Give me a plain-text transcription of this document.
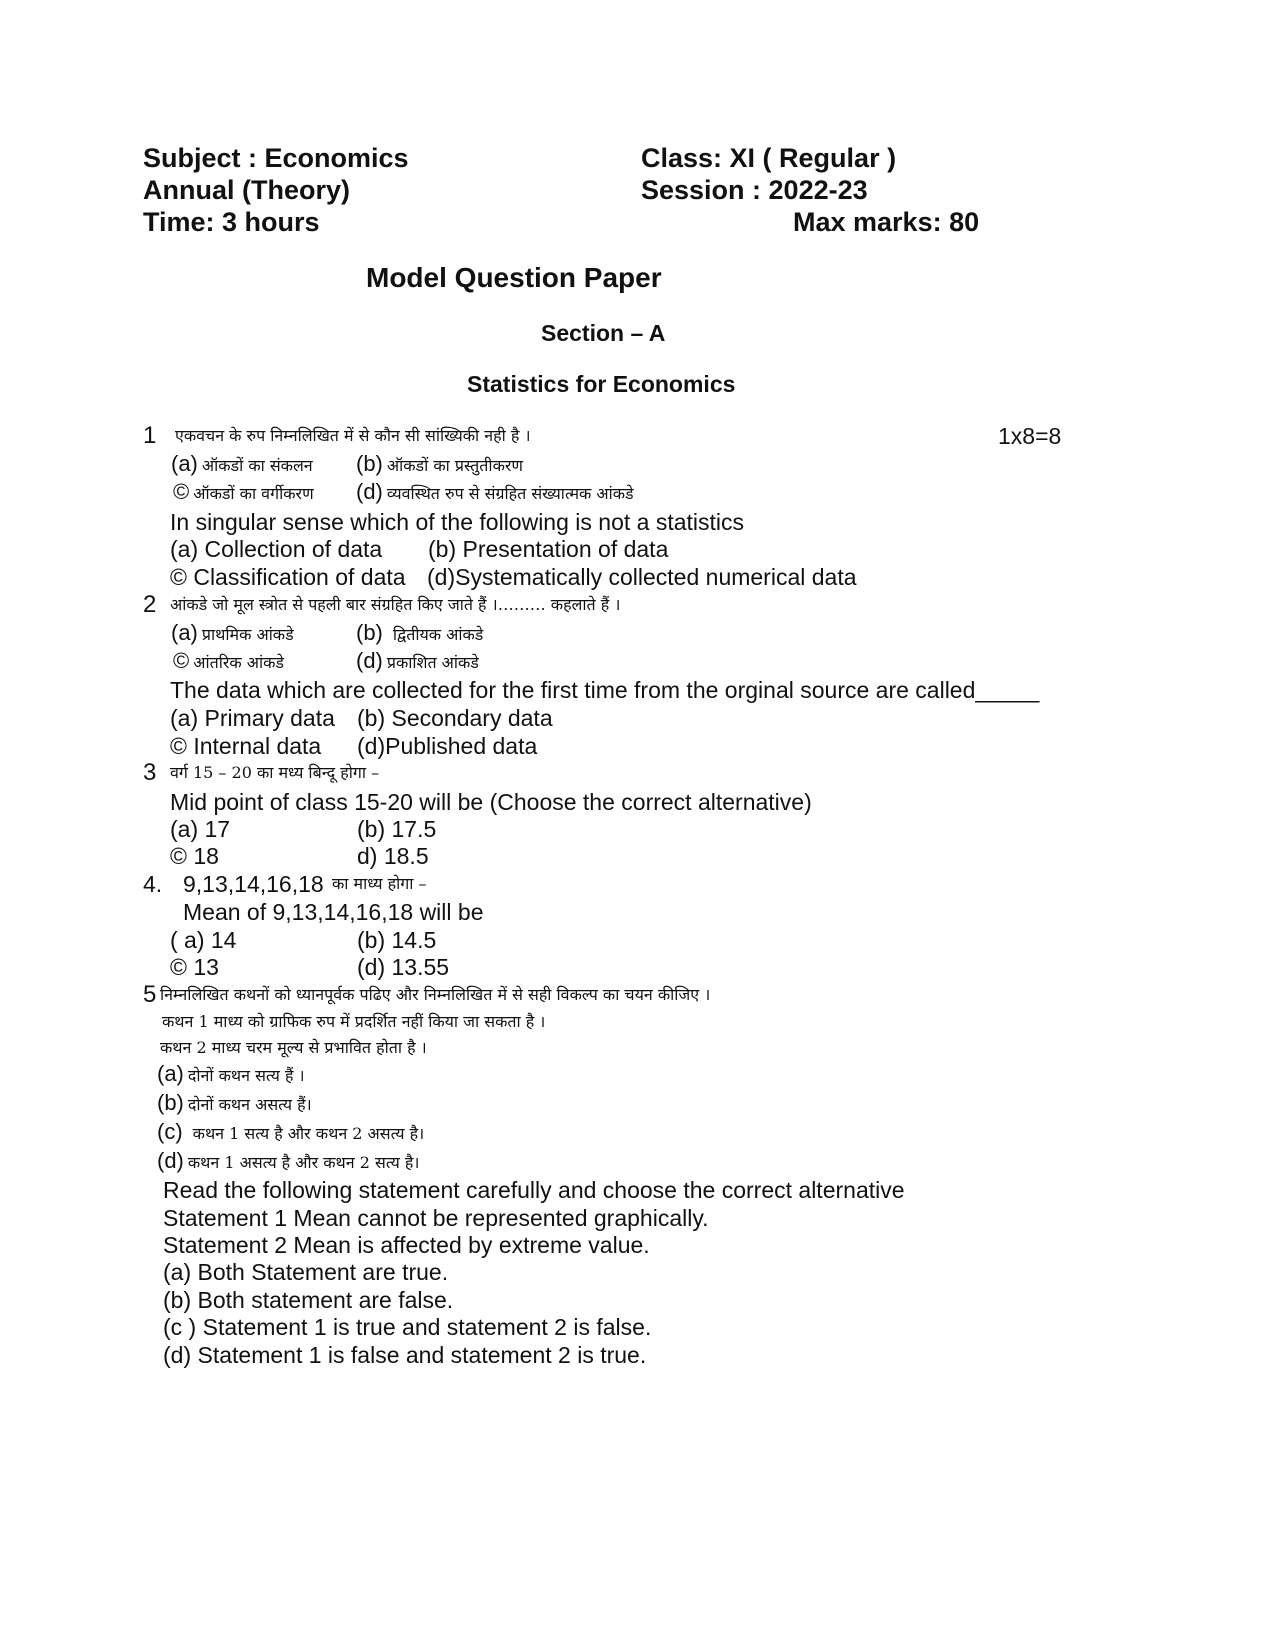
Subject : Economics	Class: XI ( Regular )
Annual (Theory)	Session : 2022-23
Time: 3 hours	Max marks: 80
Model Question Paper
Section – A
Statistics for Economics
1 एकवचन के रुप निम्नलिखित में से कौन सी सांख्यिकी नही है ।	1x8=8
(a) ऑकडों का संकलन (b) ऑकडों का प्रस्तुतीकरण
© ऑकडों का वर्गीकरण (d) व्यवस्थित रुप से संग्रहित संख्यात्मक आंकडे
In singular sense which of the following is not a statistics
(a) Collection of data (b) Presentation of data
© Classification of data (d)Systematically collected numerical data
2 आंकडे जो मूल स्त्रोत से पहली बार संग्रहित किए जाते हैं ।……… कहलाते हैं ।
(a) प्राथमिक आंकडे	(b) द्वितीयक आंकडे
© आंतरिक आंकडे	(d) प्रकाशित आंकडे
The data which are collected for the first time from the orginal source are called_____
(a) Primary data (b) Secondary data
© Internal data (d)Published data
3 वर्ग 15 – 20 का मध्य बिन्दू होगा –
Mid point of class 15-20 will be (Choose the correct alternative)
(a) 17	(b) 17.5
© 18	d) 18.5
4. 9,13,14,16,18 का माध्य होगा –
Mean of 9,13,14,16,18 will be
( a) 14	(b) 14.5
© 13	(d) 13.55
5 निम्नलिखित कथनों को ध्यानपूर्वक पढिए और निम्नलिखित में से सही विकल्प का चयन कीजिए ।
कथन 1 माध्य को ग्राफिक रुप में प्रदर्शित नहीं किया जा सकता है ।
कथन 2 माध्य चरम मूल्य से प्रभावित होता है ।
(a) दोनों कथन सत्य हैं ।
(b) दोनों कथन असत्य हैं।
(c) कथन 1 सत्य है और कथन 2 असत्य है।
(d) कथन 1 असत्य है और कथन 2 सत्य है।
Read the following statement carefully and choose the correct alternative
Statement 1 Mean cannot be represented graphically.
Statement 2 Mean is affected by extreme value.
(a) Both Statement are true.
(b) Both statement are false.
(c ) Statement 1 is true and statement 2 is false.
(d) Statement 1 is false and statement 2 is true.
